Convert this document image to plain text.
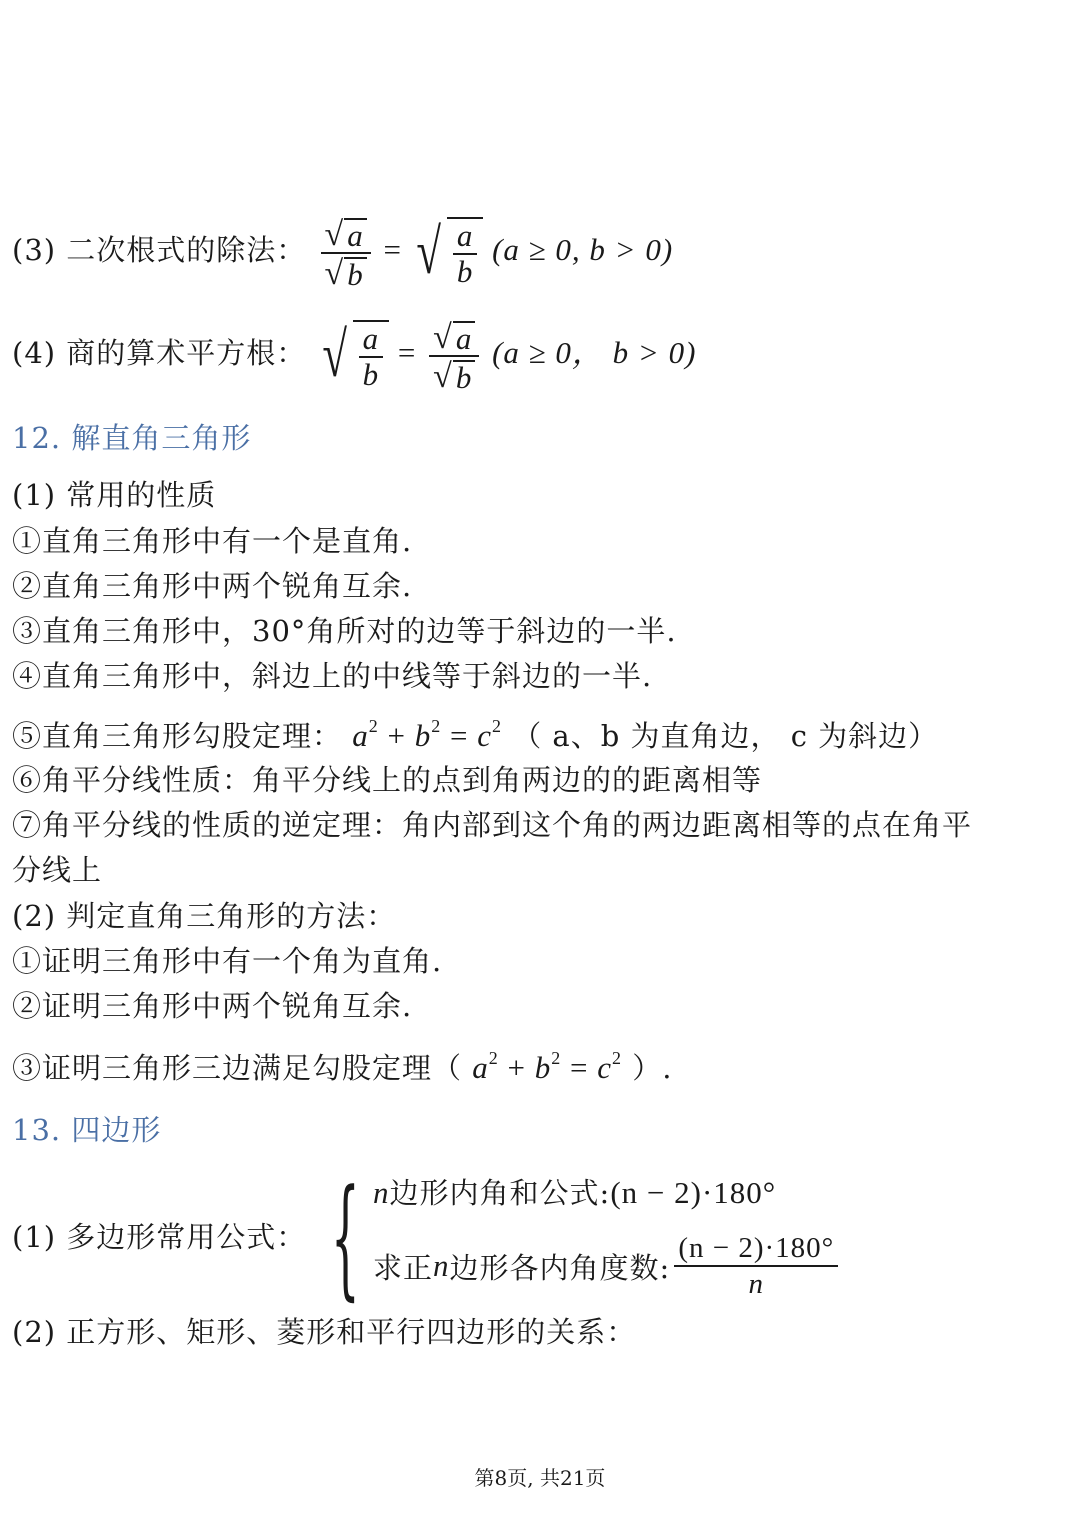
(3) 二次根式的除法： $\frac{√ a}{√ b}$ = √ $\frac{a}{b} (a \ge 0$, b > 0)
(4) 商的算术平方根： √ $\frac{a}{b} = \frac{√ a}{√ b} (a \ge 0$， b > 0)
12. 解直角三角形
(1) 常用的性质
①直角三角形中有一个是直角.
②直角三角形中两个锐角互余.
③直角三角形中，30°角所对的边等于斜边的一半.
④直角三角形中，斜边上的中线等于斜边的一半.
⑤直角三角形勾股定理： $a^2 + b^2 = c^2$ （ a、b 为直角边， c 为斜边）
⑥角平分线性质：角平分线上的点到角两边的的距离相等
⑦角平分线的性质的逆定理：角内部到这个角的两边距离相等的点在角平
分线上
(2) 判定直角三角形的方法：
①证明三角形中有一个角为直角.
②证明三角形中两个锐角互余.
③证明三角形三边满足勾股定理（ $a^2 + b^2 = c^2$ ）.
13. 四边形
(1) 多边形常用公式： { n边形内角和公式:(n − 2)·180°
求正 n 边形各内角度数: $\frac{(n - 2)\cdot 180^\circ}{n}$
(2) 正方形、矩形、菱形和平行四边形的关系：
第8页, 共21页
